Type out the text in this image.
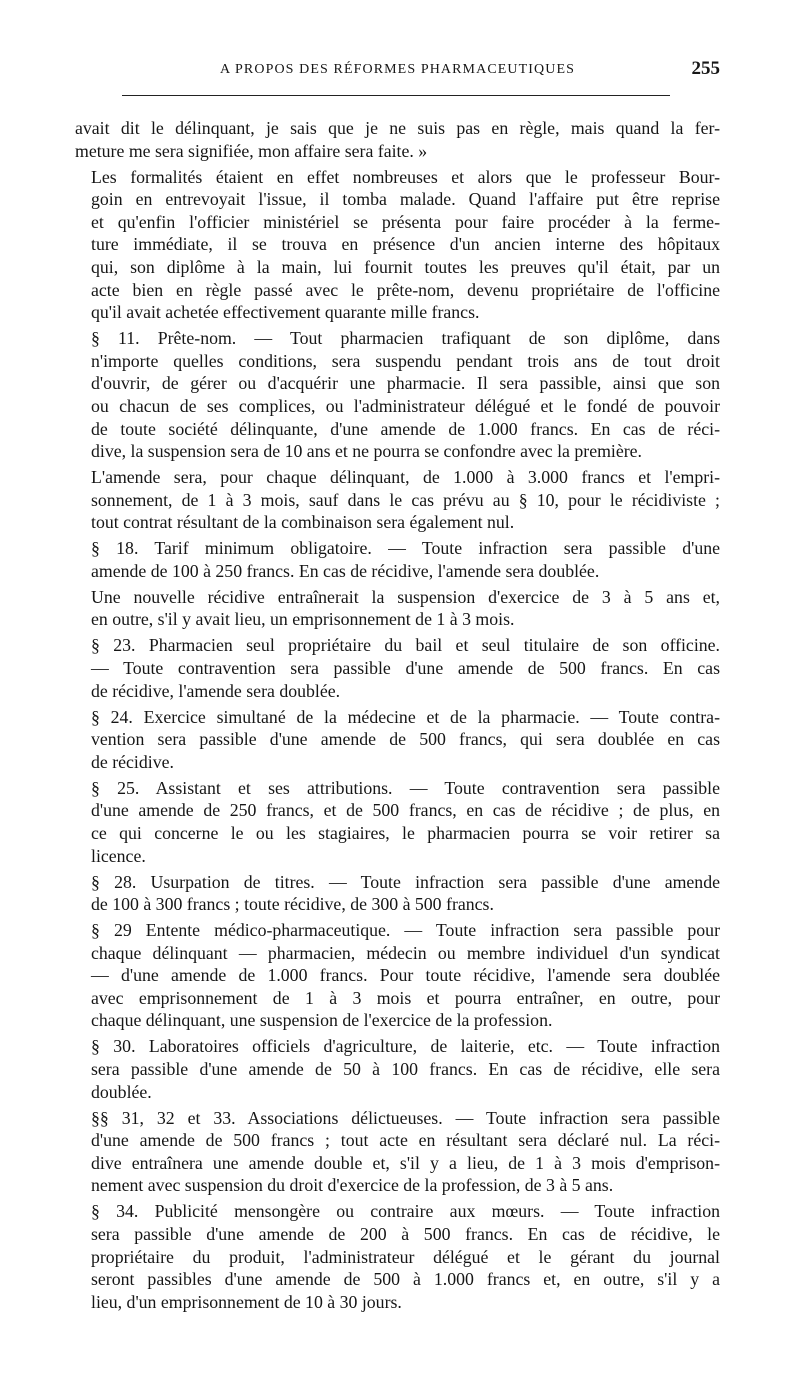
A PROPOS DES RÉFORMES PHARMACEUTIQUES	255
avait dit le délinquant, je sais que je ne suis pas en règle, mais quand la fer-
meture me sera signifiée, mon affaire sera faite. »
Les formalités étaient en effet nombreuses et alors que le professeur Bour-
goin en entrevoyait l'issue, il tomba malade. Quand l'affaire put être reprise
et qu'enfin l'officier ministériel se présenta pour faire procéder à la ferme-
ture immédiate, il se trouva en présence d'un ancien interne des hôpitaux
qui, son diplôme à la main, lui fournit toutes les preuves qu'il était, par un
acte bien en règle passé avec le prête-nom, devenu propriétaire de l'officine
qu'il avait achetée effectivement quarante mille francs.
§ 11. Prête-nom. — Tout pharmacien trafiquant de son diplôme, dans
n'importe quelles conditions, sera suspendu pendant trois ans de tout droit
d'ouvrir, de gérer ou d'acquérir une pharmacie. Il sera passible, ainsi que son
ou chacun de ses complices, ou l'administrateur délégué et le fondé de pouvoir
de toute société délinquante, d'une amende de 1.000 francs. En cas de réci-
dive, la suspension sera de 10 ans et ne pourra se confondre avec la première.
L'amende sera, pour chaque délinquant, de 1.000 à 3.000 francs et l'empri-
sonnement, de 1 à 3 mois, sauf dans le cas prévu au § 10, pour le récidiviste ;
tout contrat résultant de la combinaison sera également nul.
§ 18. Tarif minimum obligatoire. — Toute infraction sera passible d'une
amende de 100 à 250 francs. En cas de récidive, l'amende sera doublée.
Une nouvelle récidive entraînerait la suspension d'exercice de 3 à 5 ans et,
en outre, s'il y avait lieu, un emprisonnement de 1 à 3 mois.
§ 23. Pharmacien seul propriétaire du bail et seul titulaire de son officine.
— Toute contravention sera passible d'une amende de 500 francs. En cas
de récidive, l'amende sera doublée.
§ 24. Exercice simultané de la médecine et de la pharmacie. — Toute contra-
vention sera passible d'une amende de 500 francs, qui sera doublée en cas
de récidive.
§ 25. Assistant et ses attributions. — Toute contravention sera passible
d'une amende de 250 francs, et de 500 francs, en cas de récidive ; de plus, en
ce qui concerne le ou les stagiaires, le pharmacien pourra se voir retirer sa
licence.
§ 28. Usurpation de titres. — Toute infraction sera passible d'une amende
de 100 à 300 francs ; toute récidive, de 300 à 500 francs.
§ 29 Entente médico-pharmaceutique. — Toute infraction sera passible pour
chaque délinquant — pharmacien, médecin ou membre individuel d'un syndicat
— d'une amende de 1.000 francs. Pour toute récidive, l'amende sera doublée
avec emprisonnement de 1 à 3 mois et pourra entraîner, en outre, pour
chaque délinquant, une suspension de l'exercice de la profession.
§ 30. Laboratoires officiels d'agriculture, de laiterie, etc. — Toute infraction
sera passible d'une amende de 50 à 100 francs. En cas de récidive, elle sera
doublée.
§§ 31, 32 et 33. Associations délictueuses. — Toute infraction sera passible
d'une amende de 500 francs ; tout acte en résultant sera déclaré nul. La réci-
dive entraînera une amende double et, s'il y a lieu, de 1 à 3 mois d'emprison-
nement avec suspension du droit d'exercice de la profession, de 3 à 5 ans.
§ 34. Publicité mensongère ou contraire aux mœurs. — Toute infraction
sera passible d'une amende de 200 à 500 francs. En cas de récidive, le
propriétaire du produit, l'administrateur délégué et le gérant du journal
seront passibles d'une amende de 500 à 1.000 francs et, en outre, s'il y a
lieu, d'un emprisonnement de 10 à 30 jours.
